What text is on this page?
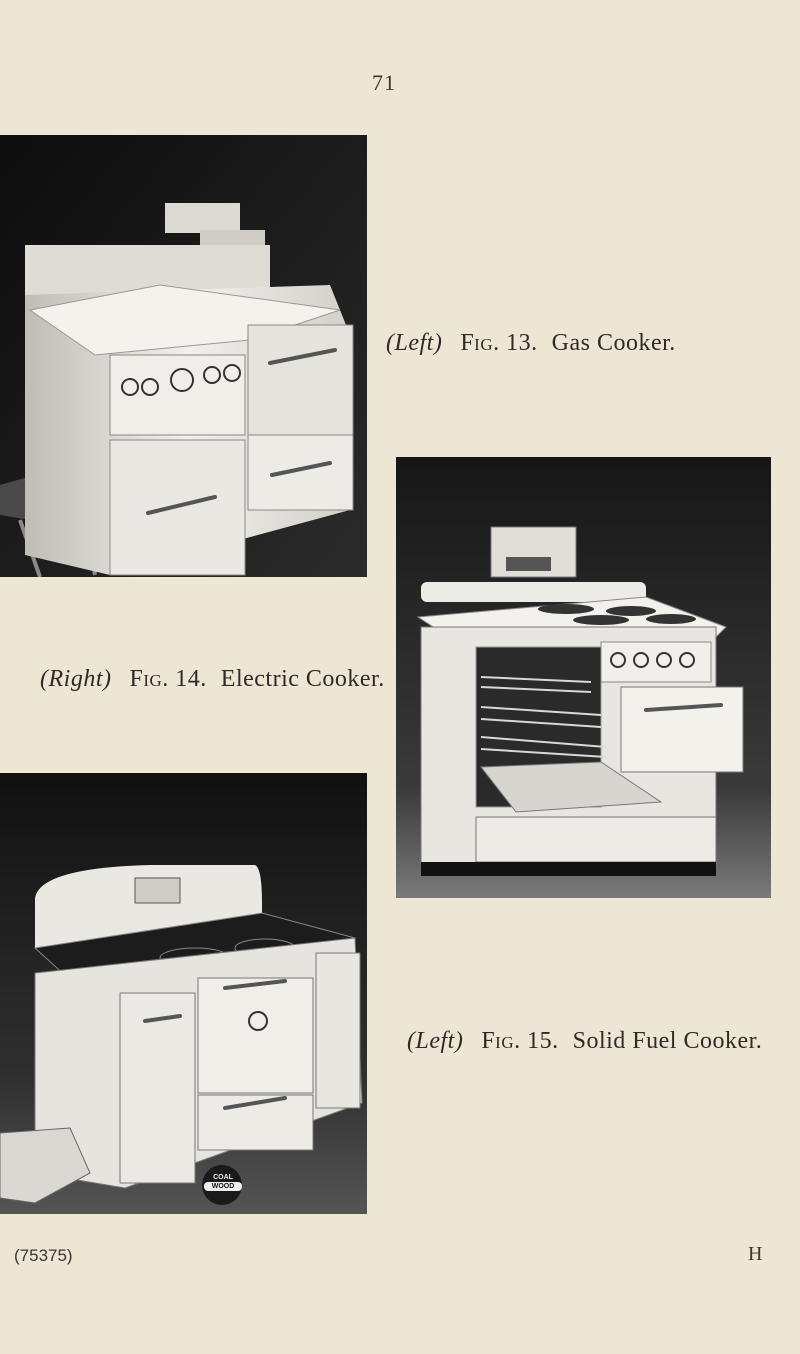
71
(Left) Fig. 13. Gas Cooker.
(Right) Fig. 14. Electric Cooker.
COAL
WOOD
(Left) Fig. 15. Solid Fuel Cooker.
(75375)	H
